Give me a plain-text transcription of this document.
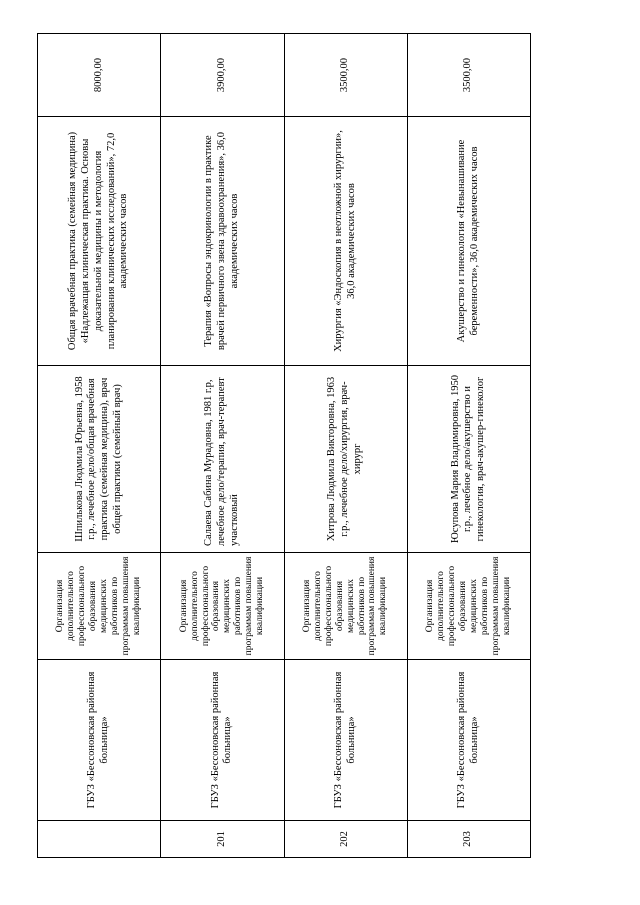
	ГБУЗ «Бессоновская районная больница»	Организация дополнительного профессионального образования медицинских работников по программам повышения квалификации	Шпилькова Людмила Юрьевна, 1958 г.р., лечебное дело/общая врачебная практика (семейная медицина), врач общей практики (семейный врач)	Общая врачебная практика (семейная медицина) «Надлежащая клиническая практика. Основы доказательной медицины и методология планирования клинических исследований», 72,0 академических часов	8000,00
201	ГБУЗ «Бессоновская районная больница»	Организация дополнительного профессионального образования медицинских работников по программам повышения квалификации	Салаева Сабина Мурадовна, 1981 г.р, лечебное дело/терапия, врач-терапевт участковый	Терапия «Вопросы эндокринологии в практике врачей первичного звена здравоохранения», 36,0 академических часов	3900,00
202	ГБУЗ «Бессоновская районная больница»	Организация дополнительного профессионального образования медицинских работников по программам повышения квалификации	Хитрова Людмила Викторовна, 1963 г.р., лечебное дело/хирургия, врач-хирург	Хирургия «Эндоскопия в неотложной хирургии», 36,0 академических часов	3500,00
203	ГБУЗ «Бессоновская районная больница»	Организация дополнительного профессионального образования медицинских работников по программам повышения квалификации	Юсупова Мария Владимировна, 1950 г.р., лечебное дело/акушерство и гинекология, врач-акушер-гинеколог	Акушерство и гинекология «Невынашивание беременности», 36,0 академических часов	3500,00
